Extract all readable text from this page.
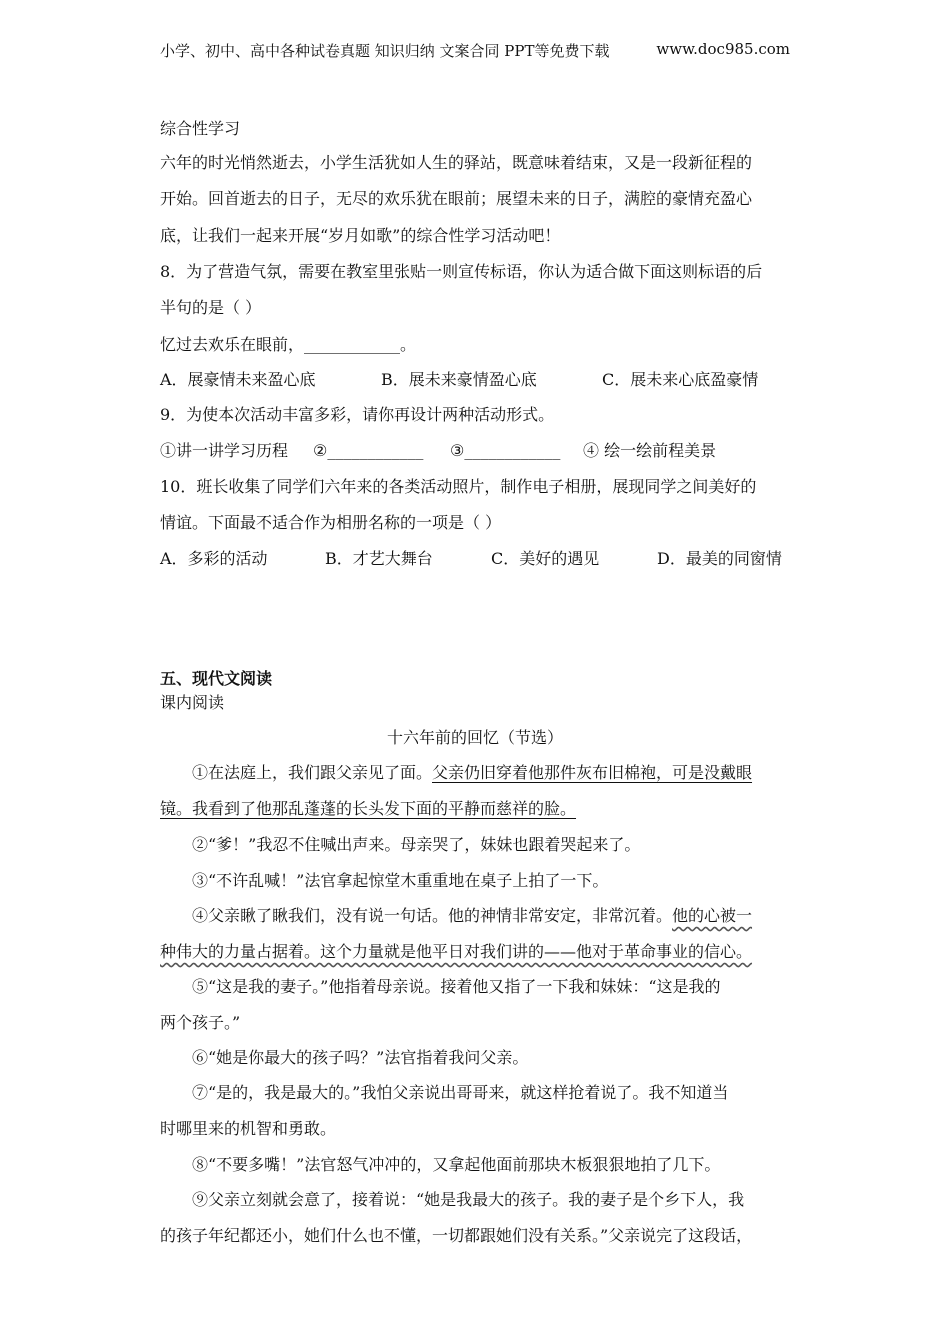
小学、初中、高中各种试卷真题 知识归纳 文案合同 PPT等免费下载	www.doc985.com
综合性学习
六年的时光悄然逝去，小学生活犹如人生的驿站，既意味着结束，又是一段新征程的
开始。回首逝去的日子，无尽的欢乐犹在眼前；展望未来的日子，满腔的豪情充盈心
底，让我们一起来开展“岁月如歌”的综合性学习活动吧！
8．为了营造气氛，需要在教室里张贴一则宣传标语，你认为适合做下面这则标语的后
半句的是（ ）
忆过去欢乐在眼前，____________。
A．展豪情未来盈心底	B．展未来豪情盈心底	C．展未来心底盈豪情
9．为使本次活动丰富多彩，请你再设计两种活动形式。
①讲一讲学习历程 ②____________ ③____________ ④ 绘一绘前程美景
10．班长收集了同学们六年来的各类活动照片，制作电子相册，展现同学之间美好的
情谊。下面最不适合作为相册名称的一项是（ ）
A．多彩的活动	B．才艺大舞台	C．美好的遇见	D．最美的同窗情
五、现代文阅读
课内阅读
十六年前的回忆（节选）
①在法庭上，我们跟父亲见了面。父亲仍旧穿着他那件灰布旧棉袍，可是没戴眼
镜。我看到了他那乱蓬蓬的长头发下面的平静而慈祥的脸。
②“爹！”我忍不住喊出声来。母亲哭了，妹妹也跟着哭起来了。
③“不许乱喊！”法官拿起惊堂木重重地在桌子上拍了一下。
④父亲瞅了瞅我们，没有说一句话。他的神情非常安定，非常沉着。他的心被一
种伟大的力量占据着。这个力量就是他平日对我们讲的——他对于革命事业的信心。
⑤“这是我的妻子。”他指着母亲说。接着他又指了一下我和妹妹：“这是我的
两个孩子。”
⑥“她是你最大的孩子吗？”法官指着我问父亲。
⑦“是的，我是最大的。”我怕父亲说出哥哥来，就这样抢着说了。我不知道当
时哪里来的机智和勇敢。
⑧“不要多嘴！”法官怒气冲冲的，又拿起他面前那块木板狠狠地拍了几下。
⑨父亲立刻就会意了，接着说：“她是我最大的孩子。我的妻子是个乡下人，我
的孩子年纪都还小，她们什么也不懂，一切都跟她们没有关系。”父亲说完了这段话，
